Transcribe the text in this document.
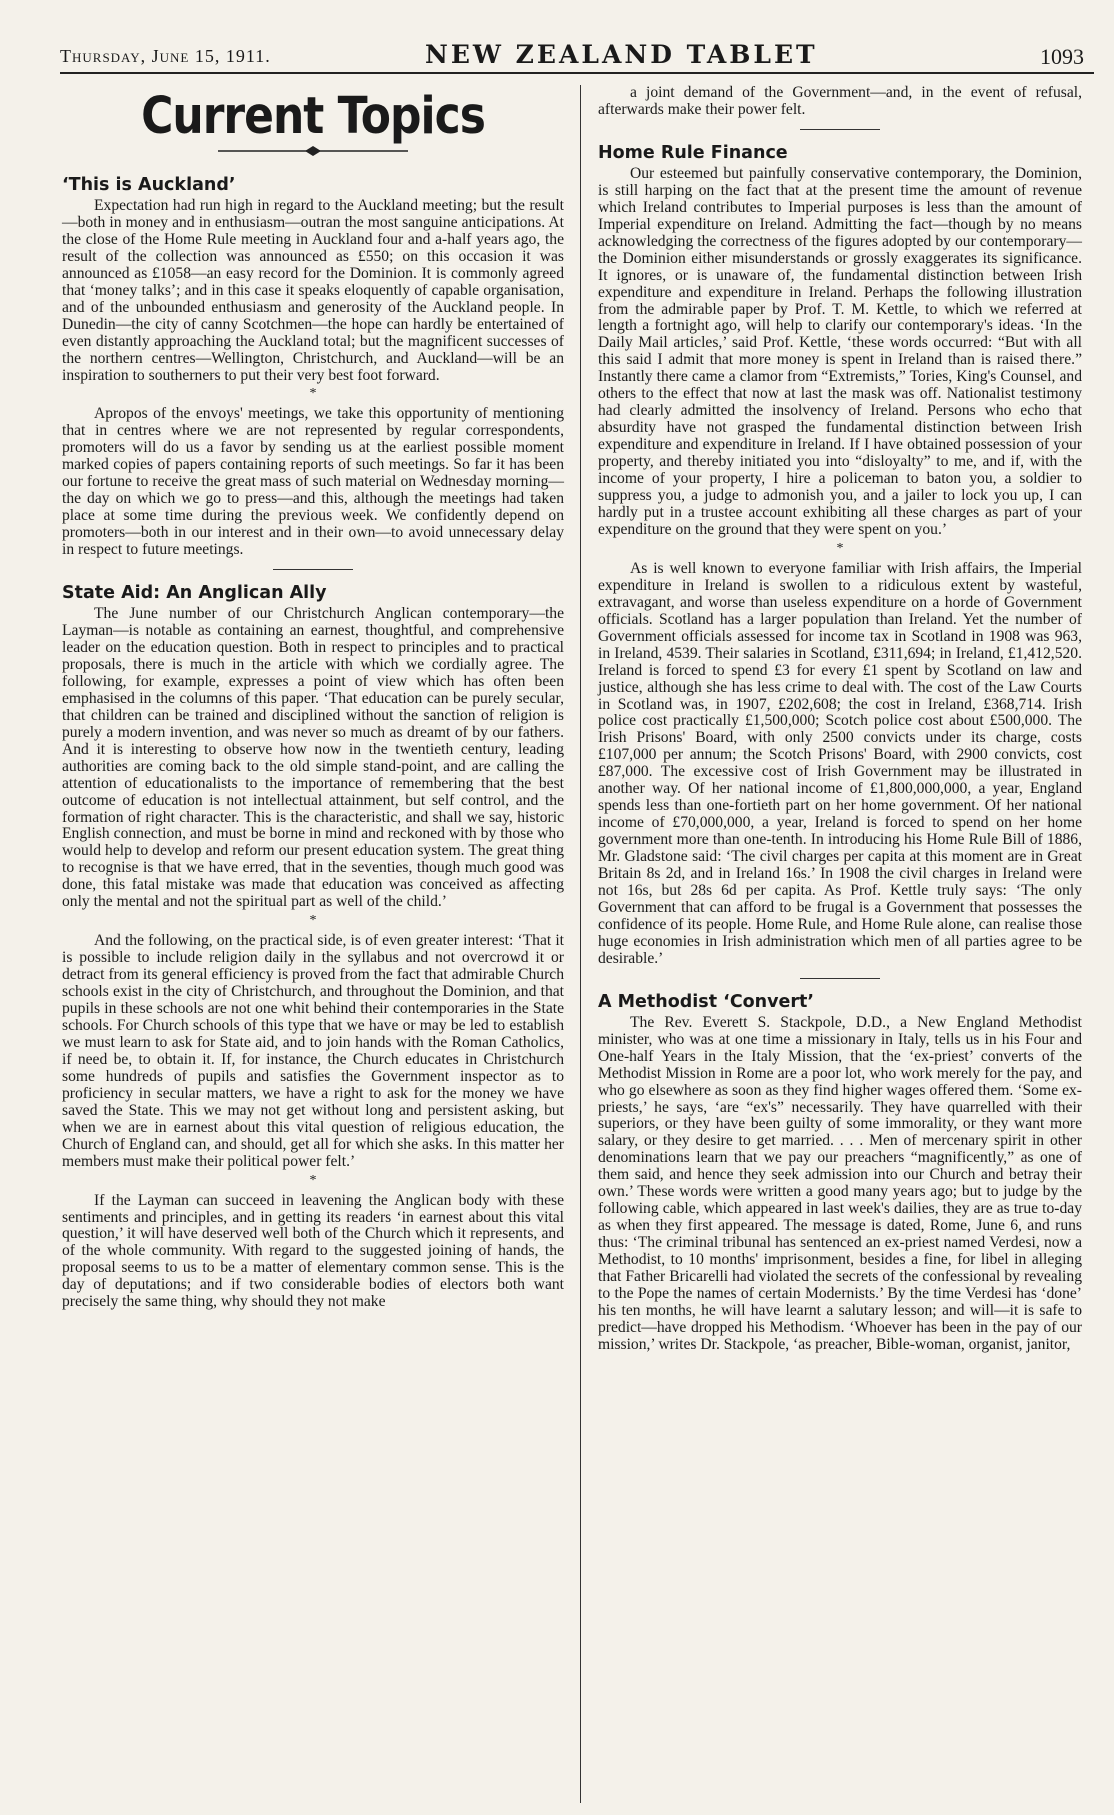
Thursday, June 15, 1911.	NEW ZEALAND TABLET	1093
Current Topics
‘This is Auckland’

Expectation had run high in regard to the Auckland meeting; but the result—both in money and in enthusiasm—outran the most sanguine anticipations. At the close of the Home Rule meeting in Auckland four and a-half years ago, the result of the collection was announced as £550; on this occasion it was announced as £1058—an easy record for the Dominion. It is commonly agreed that ‘money talks’; and in this case it speaks eloquently of capable organisation, and of the unbounded enthusiasm and generosity of the Auckland people. In Dunedin—the city of canny Scotchmen—the hope can hardly be entertained of even distantly approaching the Auckland total; but the magnificent successes of the northern centres—Wellington, Christchurch, and Auckland—will be an inspiration to southerners to put their very best foot forward.

*

Apropos of the envoys' meetings, we take this opportunity of mentioning that in centres where we are not represented by regular correspondents, promoters will do us a favor by sending us at the earliest possible moment marked copies of papers containing reports of such meetings. So far it has been our fortune to receive the great mass of such material on Wednesday morning—the day on which we go to press—and this, although the meetings had taken place at some time during the previous week. We confidently depend on promoters—both in our interest and in their own—to avoid unnecessary delay in respect to future meetings.

State Aid: An Anglican Ally

The June number of our Christchurch Anglican contemporary—the Layman—is notable as containing an earnest, thoughtful, and comprehensive leader on the education question. Both in respect to principles and to practical proposals, there is much in the article with which we cordially agree. The following, for example, expresses a point of view which has often been emphasised in the columns of this paper. ‘That education can be purely secular, that children can be trained and disciplined without the sanction of religion is purely a modern invention, and was never so much as dreamt of by our fathers. And it is interesting to observe how now in the twentieth century, leading authorities are coming back to the old simple stand-point, and are calling the attention of educationalists to the importance of remembering that the best outcome of education is not intellectual attainment, but self control, and the formation of right character. This is the characteristic, and shall we say, historic English connection, and must be borne in mind and reckoned with by those who would help to develop and reform our present education system. The great thing to recognise is that we have erred, that in the seventies, though much good was done, this fatal mistake was made that education was conceived as affecting only the mental and not the spiritual part as well of the child.’

*

And the following, on the practical side, is of even greater interest: ‘That it is possible to include religion daily in the syllabus and not overcrowd it or detract from its general efficiency is proved from the fact that admirable Church schools exist in the city of Christchurch, and throughout the Dominion, and that pupils in these schools are not one whit behind their contemporaries in the State schools. For Church schools of this type that we have or may be led to establish we must learn to ask for State aid, and to join hands with the Roman Catholics, if need be, to obtain it. If, for instance, the Church educates in Christchurch some hundreds of pupils and satisfies the Government inspector as to proficiency in secular matters, we have a right to ask for the money we have saved the State. This we may not get without long and persistent asking, but when we are in earnest about this vital question of religious education, the Church of England can, and should, get all for which she asks. In this matter her members must make their political power felt.’

*

If the Layman can succeed in leavening the Anglican body with these sentiments and principles, and in getting its readers ‘in earnest about this vital question,’ it will have deserved well both of the Church which it represents, and of the whole community. With regard to the suggested joining of hands, the proposal seems to us to be a matter of elementary common sense. This is the day of deputations; and if two considerable bodies of electors both want precisely the same thing, why should they not make

a joint demand of the Government—and, in the event of refusal, afterwards make their power felt.

Home Rule Finance

Our esteemed but painfully conservative contemporary, the Dominion, is still harping on the fact that at the present time the amount of revenue which Ireland contributes to Imperial purposes is less than the amount of Imperial expenditure on Ireland. Admitting the fact—though by no means acknowledging the correctness of the figures adopted by our contemporary—the Dominion either misunderstands or grossly exaggerates its significance. It ignores, or is unaware of, the fundamental distinction between Irish expenditure and expenditure in Ireland. Perhaps the following illustration from the admirable paper by Prof. T. M. Kettle, to which we referred at length a fortnight ago, will help to clarify our contemporary's ideas. ‘In the Daily Mail articles,’ said Prof. Kettle, ‘these words occurred: “But with all this said I admit that more money is spent in Ireland than is raised there.” Instantly there came a clamor from “Extremists,” Tories, King's Counsel, and others to the effect that now at last the mask was off. Nationalist testimony had clearly admitted the insolvency of Ireland. Persons who echo that absurdity have not grasped the fundamental distinction between Irish expenditure and expenditure in Ireland. If I have obtained possession of your property, and thereby initiated you into “disloyalty” to me, and if, with the income of your property, I hire a policeman to baton you, a soldier to suppress you, a judge to admonish you, and a jailer to lock you up, I can hardly put in a trustee account exhibiting all these charges as part of your expenditure on the ground that they were spent on you.’

*

As is well known to everyone familiar with Irish affairs, the Imperial expenditure in Ireland is swollen to a ridiculous extent by wasteful, extravagant, and worse than useless expenditure on a horde of Government officials. Scotland has a larger population than Ireland. Yet the number of Government officials assessed for income tax in Scotland in 1908 was 963, in Ireland, 4539. Their salaries in Scotland, £311,694; in Ireland, £1,412,520. Ireland is forced to spend £3 for every £1 spent by Scotland on law and justice, although she has less crime to deal with. The cost of the Law Courts in Scotland was, in 1907, £202,608; the cost in Ireland, £368,714. Irish police cost practically £1,500,000; Scotch police cost about £500,000. The Irish Prisons' Board, with only 2500 convicts under its charge, costs £107,000 per annum; the Scotch Prisons' Board, with 2900 convicts, cost £87,000. The excessive cost of Irish Government may be illustrated in another way. Of her national income of £1,800,000,000, a year, England spends less than one-fortieth part on her home government. Of her national income of £70,000,000, a year, Ireland is forced to spend on her home government more than one-tenth. In introducing his Home Rule Bill of 1886, Mr. Gladstone said: ‘The civil charges per capita at this moment are in Great Britain 8s 2d, and in Ireland 16s.’ In 1908 the civil charges in Ireland were not 16s, but 28s 6d per capita. As Prof. Kettle truly says: ‘The only Government that can afford to be frugal is a Government that possesses the confidence of its people. Home Rule, and Home Rule alone, can realise those huge economies in Irish administration which men of all parties agree to be desirable.’

A Methodist ‘Convert’

The Rev. Everett S. Stackpole, D.D., a New England Methodist minister, who was at one time a missionary in Italy, tells us in his Four and One-half Years in the Italy Mission, that the ‘ex-priest’ converts of the Methodist Mission in Rome are a poor lot, who work merely for the pay, and who go elsewhere as soon as they find higher wages offered them. ‘Some ex-priests,’ he says, ‘are “ex's” necessarily. They have quarrelled with their superiors, or they have been guilty of some immorality, or they want more salary, or they desire to get married. . . . Men of mercenary spirit in other denominations learn that we pay our preachers “magnificently,” as one of them said, and hence they seek admission into our Church and betray their own.’ These words were written a good many years ago; but to judge by the following cable, which appeared in last week's dailies, they are as true to-day as when they first appeared. The message is dated, Rome, June 6, and runs thus: ‘The criminal tribunal has sentenced an ex-priest named Verdesi, now a Methodist, to 10 months' imprisonment, besides a fine, for libel in alleging that Father Bricarelli had violated the secrets of the confessional by revealing to the Pope the names of certain Modernists.’ By the time Verdesi has ‘done’ his ten months, he will have learnt a salutary lesson; and will—it is safe to predict—have dropped his Methodism. ‘Whoever has been in the pay of our mission,’ writes Dr. Stackpole, ‘as preacher, Bible-woman, organist, janitor,
